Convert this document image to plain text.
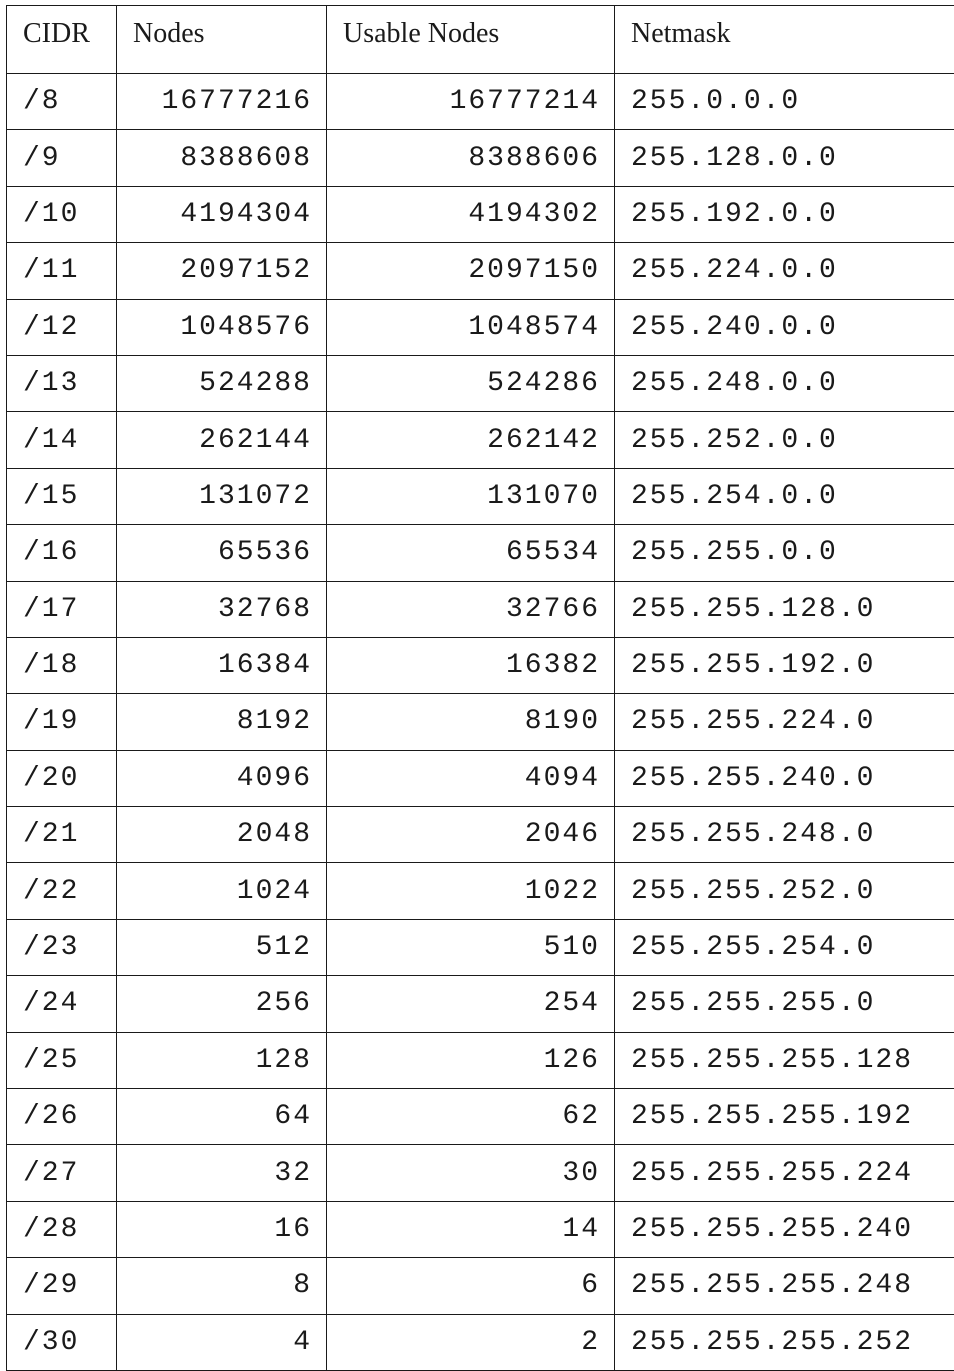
CIDR	Nodes	Usable Nodes	Netmask
/8	16777216	16777214	255.0.0.0
/9	8388608	8388606	255.128.0.0
/10	4194304	4194302	255.192.0.0
/11	2097152	2097150	255.224.0.0
/12	1048576	1048574	255.240.0.0
/13	524288	524286	255.248.0.0
/14	262144	262142	255.252.0.0
/15	131072	131070	255.254.0.0
/16	65536	65534	255.255.0.0
/17	32768	32766	255.255.128.0
/18	16384	16382	255.255.192.0
/19	8192	8190	255.255.224.0
/20	4096	4094	255.255.240.0
/21	2048	2046	255.255.248.0
/22	1024	1022	255.255.252.0
/23	512	510	255.255.254.0
/24	256	254	255.255.255.0
/25	128	126	255.255.255.128
/26	64	62	255.255.255.192
/27	32	30	255.255.255.224
/28	16	14	255.255.255.240
/29	8	6	255.255.255.248
/30	4	2	255.255.255.252
